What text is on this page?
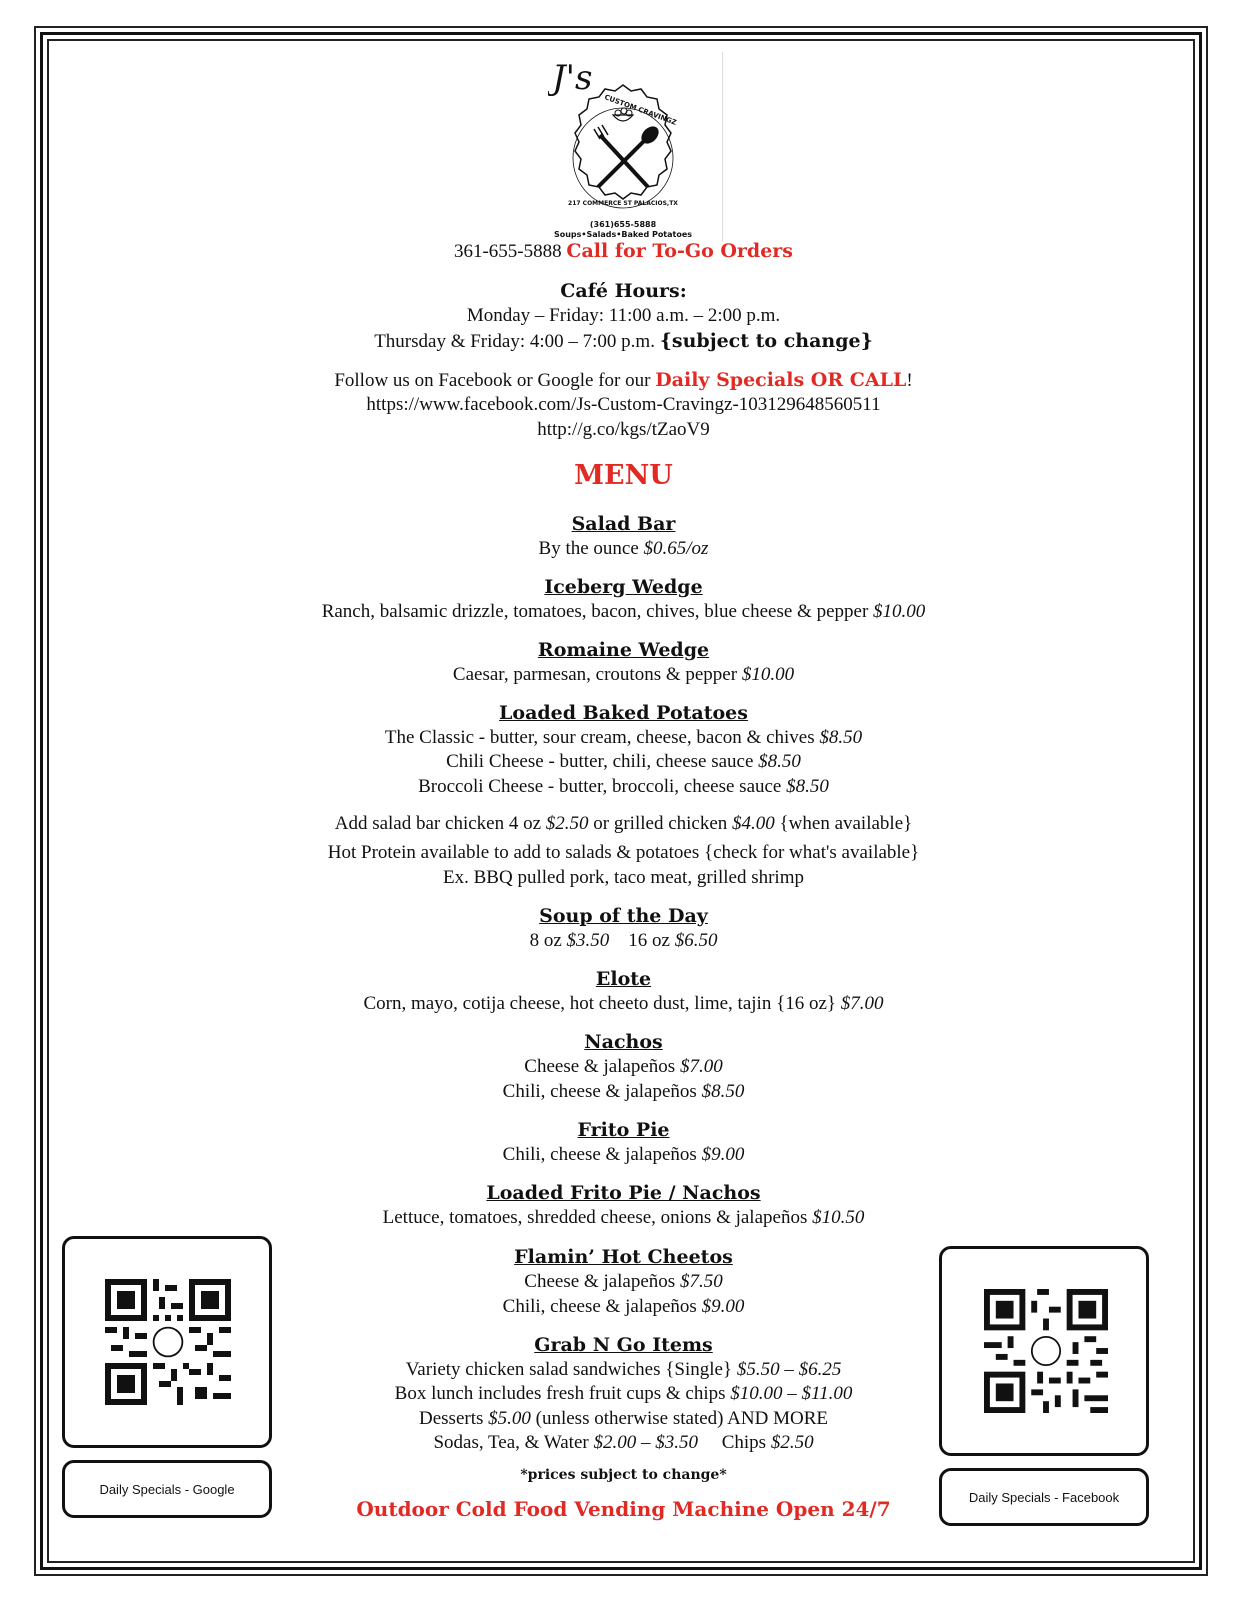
J's
CUSTOM CRAVINGZ
217 COMMERCE ST PALACIOS,TX
(361)655-5888
Soups•Salads•Baked Potatoes
361-655-5888 Call for To-Go Orders
Café Hours:
Monday – Friday: 11:00 a.m. – 2:00 p.m.
Thursday & Friday: 4:00 – 7:00 p.m. {subject to change}
Follow us on Facebook or Google for our Daily Specials OR CALL!
https://www.facebook.com/Js-Custom-Cravingz-103129648560511
http://g.co/kgs/tZaoV9
MENU
Salad Bar
By the ounce $0.65/oz
Iceberg Wedge
Ranch, balsamic drizzle, tomatoes, bacon, chives, blue cheese & pepper $10.00
Romaine Wedge
Caesar, parmesan, croutons & pepper $10.00
Loaded Baked Potatoes
The Classic - butter, sour cream, cheese, bacon & chives $8.50
Chili Cheese - butter, chili, cheese sauce $8.50
Broccoli Cheese - butter, broccoli, cheese sauce $8.50
Add salad bar chicken 4 oz $2.50 or grilled chicken $4.00 {when available}
Hot Protein available to add to salads & potatoes {check for what's available}
Ex. BBQ pulled pork, taco meat, grilled shrimp
Soup of the Day
8 oz $3.50 16 oz $6.50
Elote
Corn, mayo, cotija cheese, hot cheeto dust, lime, tajin {16 oz} $7.00
Nachos
Cheese & jalapeños $7.00
Chili, cheese & jalapeños $8.50
Frito Pie
Chili, cheese & jalapeños $9.00
Loaded Frito Pie / Nachos
Lettuce, tomatoes, shredded cheese, onions & jalapeños $10.50
Flamin’ Hot Cheetos
Cheese & jalapeños $7.50
Chili, cheese & jalapeños $9.00
Grab N Go Items
Variety chicken salad sandwiches {Single} $5.50 – $6.25
Box lunch includes fresh fruit cups & chips $10.00 – $11.00
Desserts $5.00 (unless otherwise stated) AND MORE
Sodas, Tea, & Water $2.00 – $3.50 Chips $2.50
*prices subject to change*
Outdoor Cold Food Vending Machine Open 24/7
Daily Specials - Google
Daily Specials - Facebook
